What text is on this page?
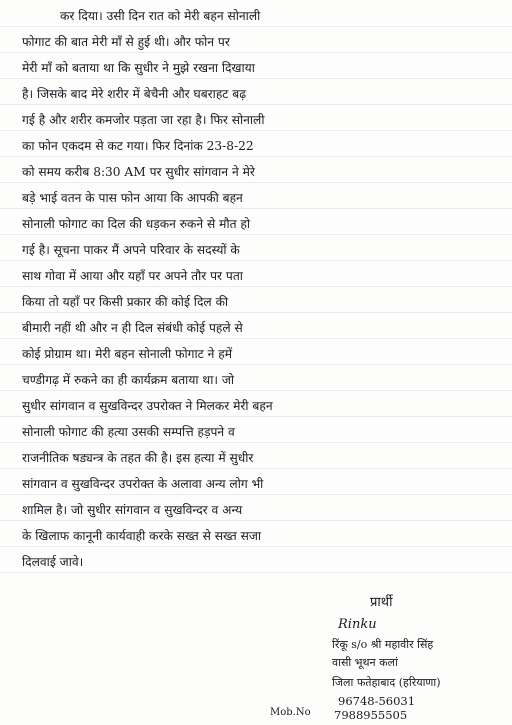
कर दिया। उसी दिन रात को मेरी बहन सोनाली
फोगाट की बात मेरी माँ से हुई थी। और फोन पर
मेरी माँ को बताया था कि सुधीर ने मुझे रखना दिखाया
है। जिसके बाद मेरे शरीर में बेचैनी और घबराहट बढ़
गई है और शरीर कमजोर पड़ता जा रहा है। फिर सोनाली
का फोन एकदम से कट गया। फिर दिनांक 23-8-22
को समय करीब 8:30 AM पर सुधीर सांगवान ने मेरे
बड़े भाई वतन के पास फोन आया कि आपकी बहन
सोनाली फोगाट का दिल की धड़कन रुकने से मौत हो
गई है। सूचना पाकर मैं अपने परिवार के सदस्यों के
साथ गोवा में आया और यहाँ पर अपने तौर पर पता
किया तो यहाँ पर किसी प्रकार की कोई दिल की
बीमारी नहीं थी और न ही दिल संबंधी कोई पहले से
कोई प्रोग्राम था। मेरी बहन सोनाली फोगाट ने हमें
चण्डीगढ़ में रुकने का ही कार्यक्रम बताया था। जो
सुधीर सांगवान व सुखविन्दर उपरोक्त ने मिलकर मेरी बहन
सोनाली फोगाट की हत्या उसकी सम्पत्ति हड़पने व
राजनीतिक षड्यन्त्र के तहत की है। इस हत्या में सुधीर
सांगवान व सुखविन्दर उपरोक्त के अलावा अन्य लोग भी
शामिल है। जो सुधीर सांगवान व सुखविन्दर व अन्य
के खिलाफ कानूनी कार्यवाही करके सख्त से सख्त सजा
दिलवाई जावे।
प्रार्थी
Rinku
रिंकू s/o श्री महावीर सिंह
वासी भूथन कलां
जिला फतेहाबाद (हरियाणा)
96748-56031
Mob.No 7988955505
